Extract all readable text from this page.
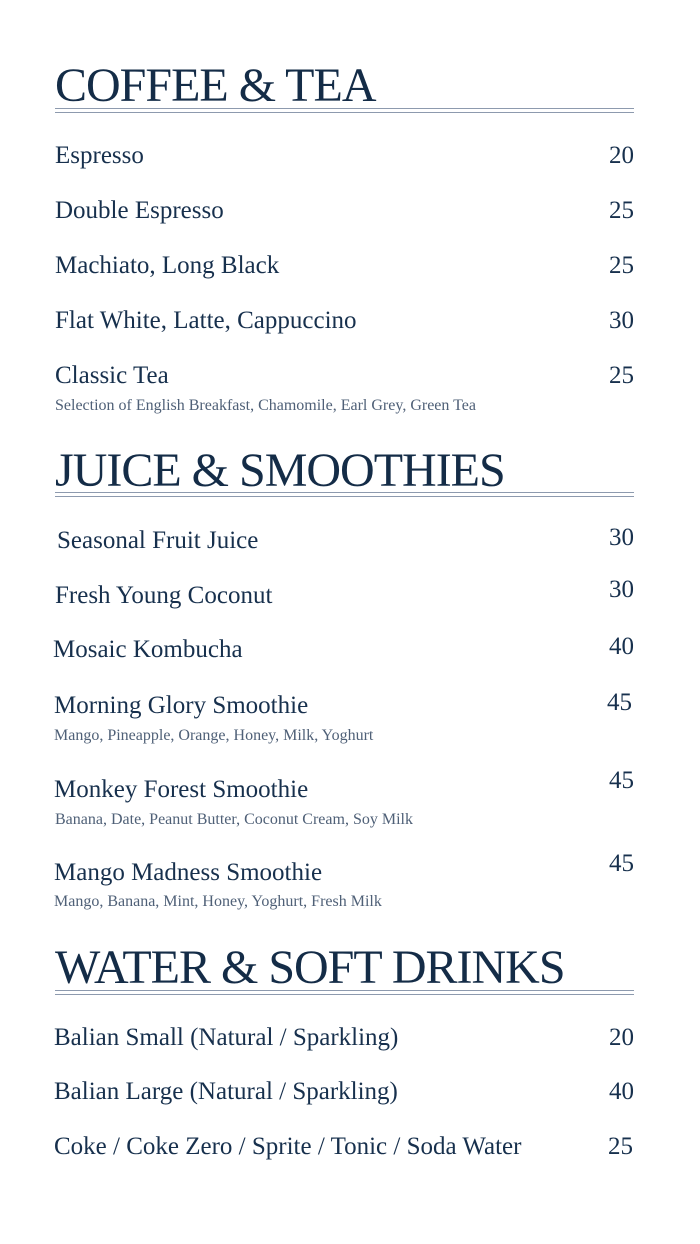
COFFEE & TEA
Espresso	20
Double Espresso	25
Machiato, Long Black	25
Flat White, Latte, Cappuccino	30
Classic Tea	25
Selection of English Breakfast, Chamomile, Earl Grey, Green Tea
JUICE & SMOOTHIES
Seasonal Fruit Juice	30
Fresh Young Coconut	30
Mosaic Kombucha	40
Morning Glory Smoothie	45
Mango, Pineapple, Orange, Honey, Milk, Yoghurt
Monkey Forest Smoothie	45
Banana, Date, Peanut Butter, Coconut Cream, Soy Milk
Mango Madness Smoothie	45
Mango, Banana, Mint, Honey, Yoghurt, Fresh Milk
WATER & SOFT DRINKS
Balian Small (Natural / Sparkling)	20
Balian Large (Natural / Sparkling)	40
Coke / Coke Zero / Sprite / Tonic / Soda Water	25
